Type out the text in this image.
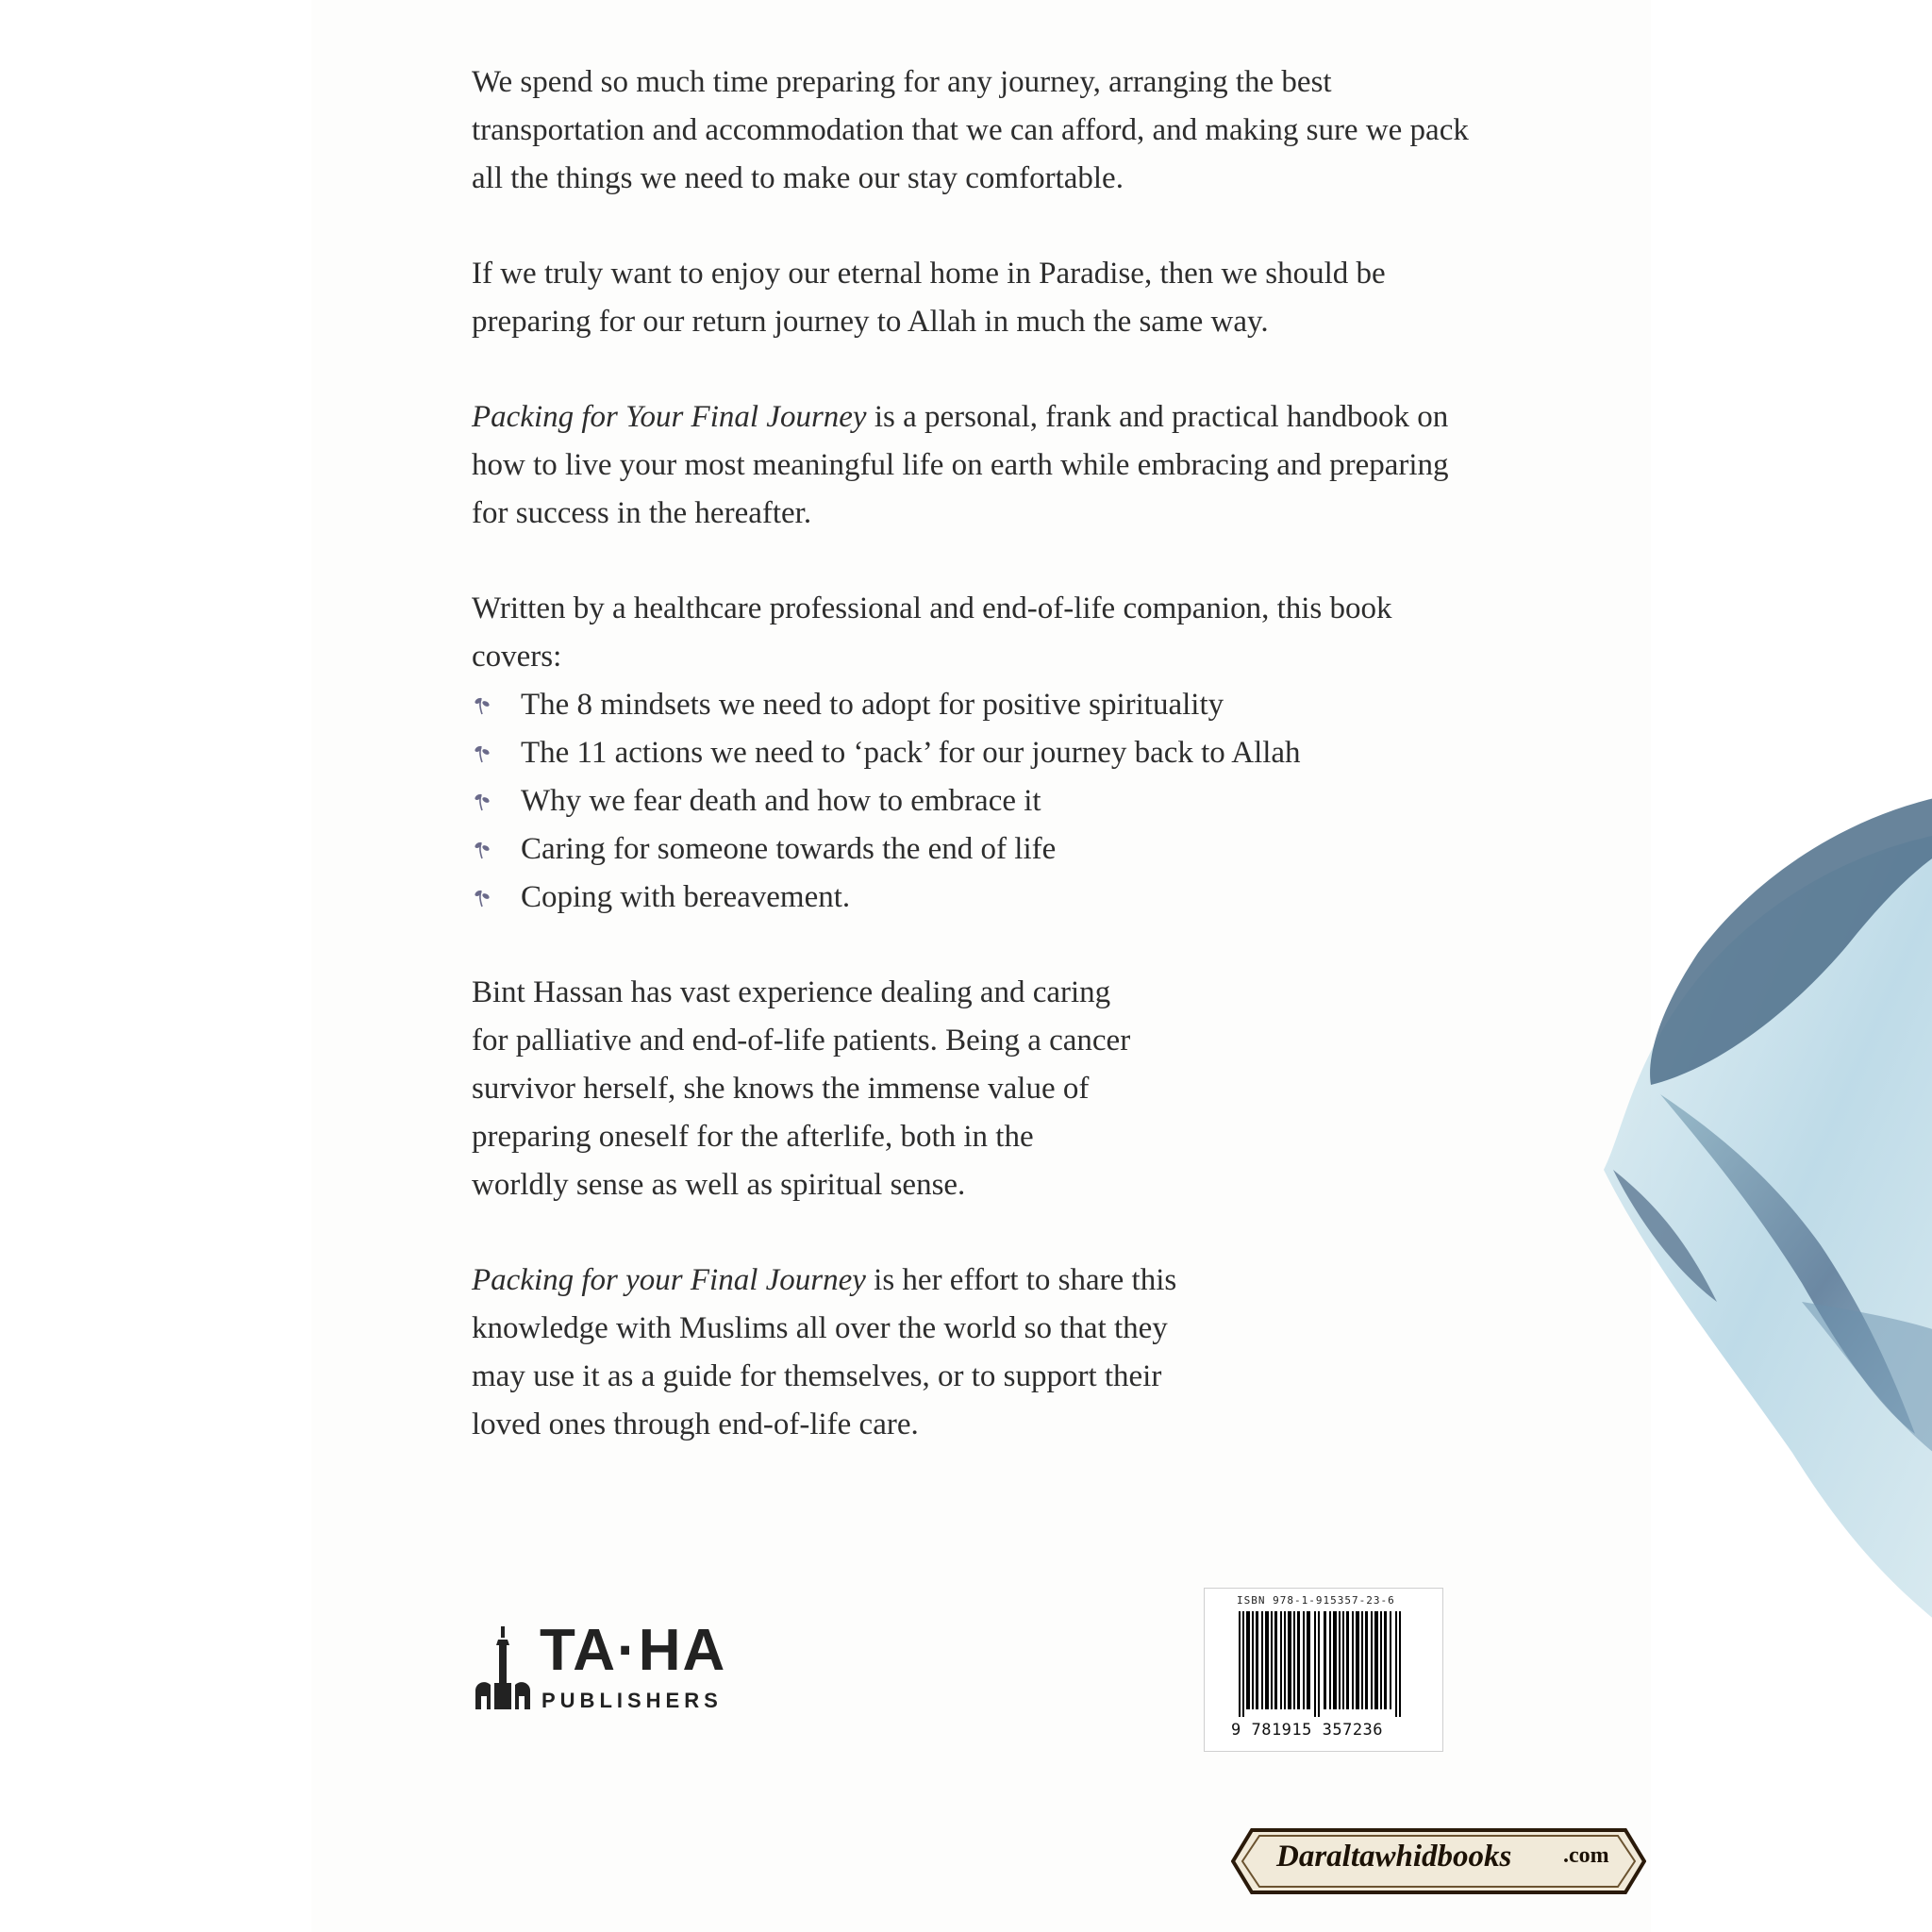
We spend so much time preparing for any journey, arranging the best transportation and accommodation that we can afford, and making sure we pack all the things we need to make our stay comfortable.

If we truly want to enjoy our eternal home in Paradise, then we should be preparing for our return journey to Allah in much the same way.

Packing for Your Final Journey is a personal, frank and practical handbook on how to live your most meaningful life on earth while embracing and preparing for success in the hereafter.

Written by a healthcare professional and end-of-life companion, this book covers:
The 8 mindsets we need to adopt for positive spirituality
The 11 actions we need to ‘pack’ for our journey back to Allah
Why we fear death and how to embrace it
Caring for someone towards the end of life
Coping with bereavement.

Bint Hassan has vast experience dealing and caring for palliative and end-of-life patients. Being a cancer survivor herself, she knows the immense value of preparing oneself for the afterlife, both in the worldly sense as well as spiritual sense.

Packing for your Final Journey is her effort to share this knowledge with Muslims all over the world so that they may use it as a guide for themselves, or to support their loved ones through end-of-life care.

TA·HA
PUBLISHERS
ISBN 978-1-915357-23-6
9 781915 357236
Daraltawhidbooks .com
